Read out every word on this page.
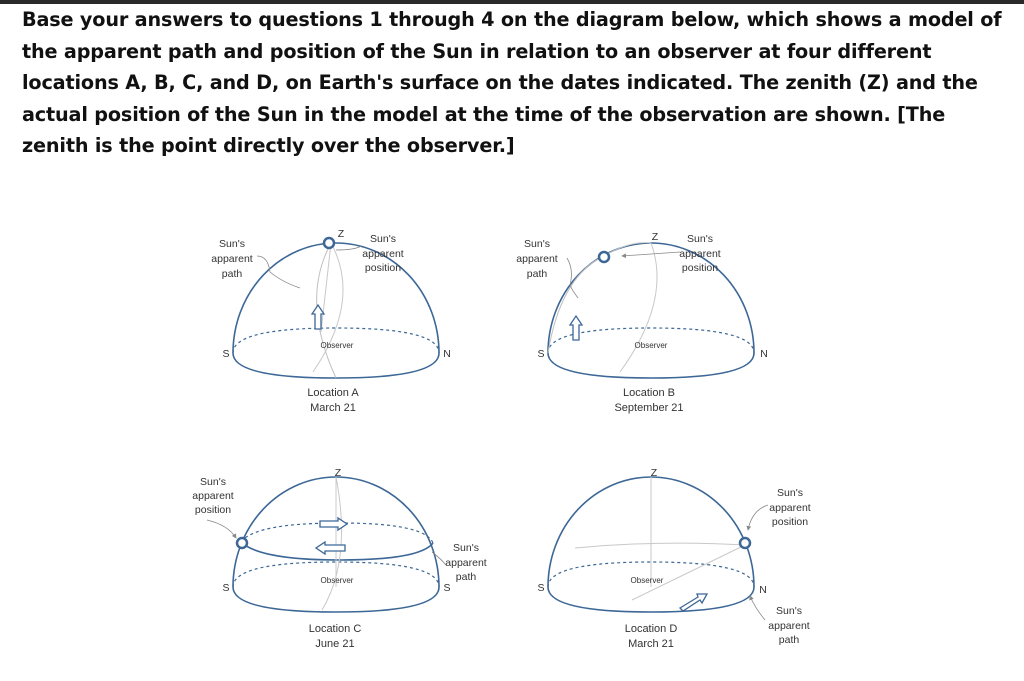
Base your answers to questions 1 through 4 on the diagram below, which shows a model of the apparent path and position of the Sun in relation to an observer at four different locations A, B, C, and D, on Earth's surface on the dates indicated. The zenith (Z) and the actual position of the Sun in the model at the time of the observation are shown. [The zenith is the point directly over the observer.]
Sun's
apparent
path
Sun's
apparent
position
Z
S	N
Observer
Location A
March 21
Sun's
apparent
path
Sun's
apparent
position
Z
S	N
Observer
Location B
September 21
Sun's
apparent
position
Sun's
apparent
path
Z
S	S
Observer
Location C
June 21
Sun's
apparent
position
Sun's
apparent
path
Z
S	N
Observer
Location D
March 21
